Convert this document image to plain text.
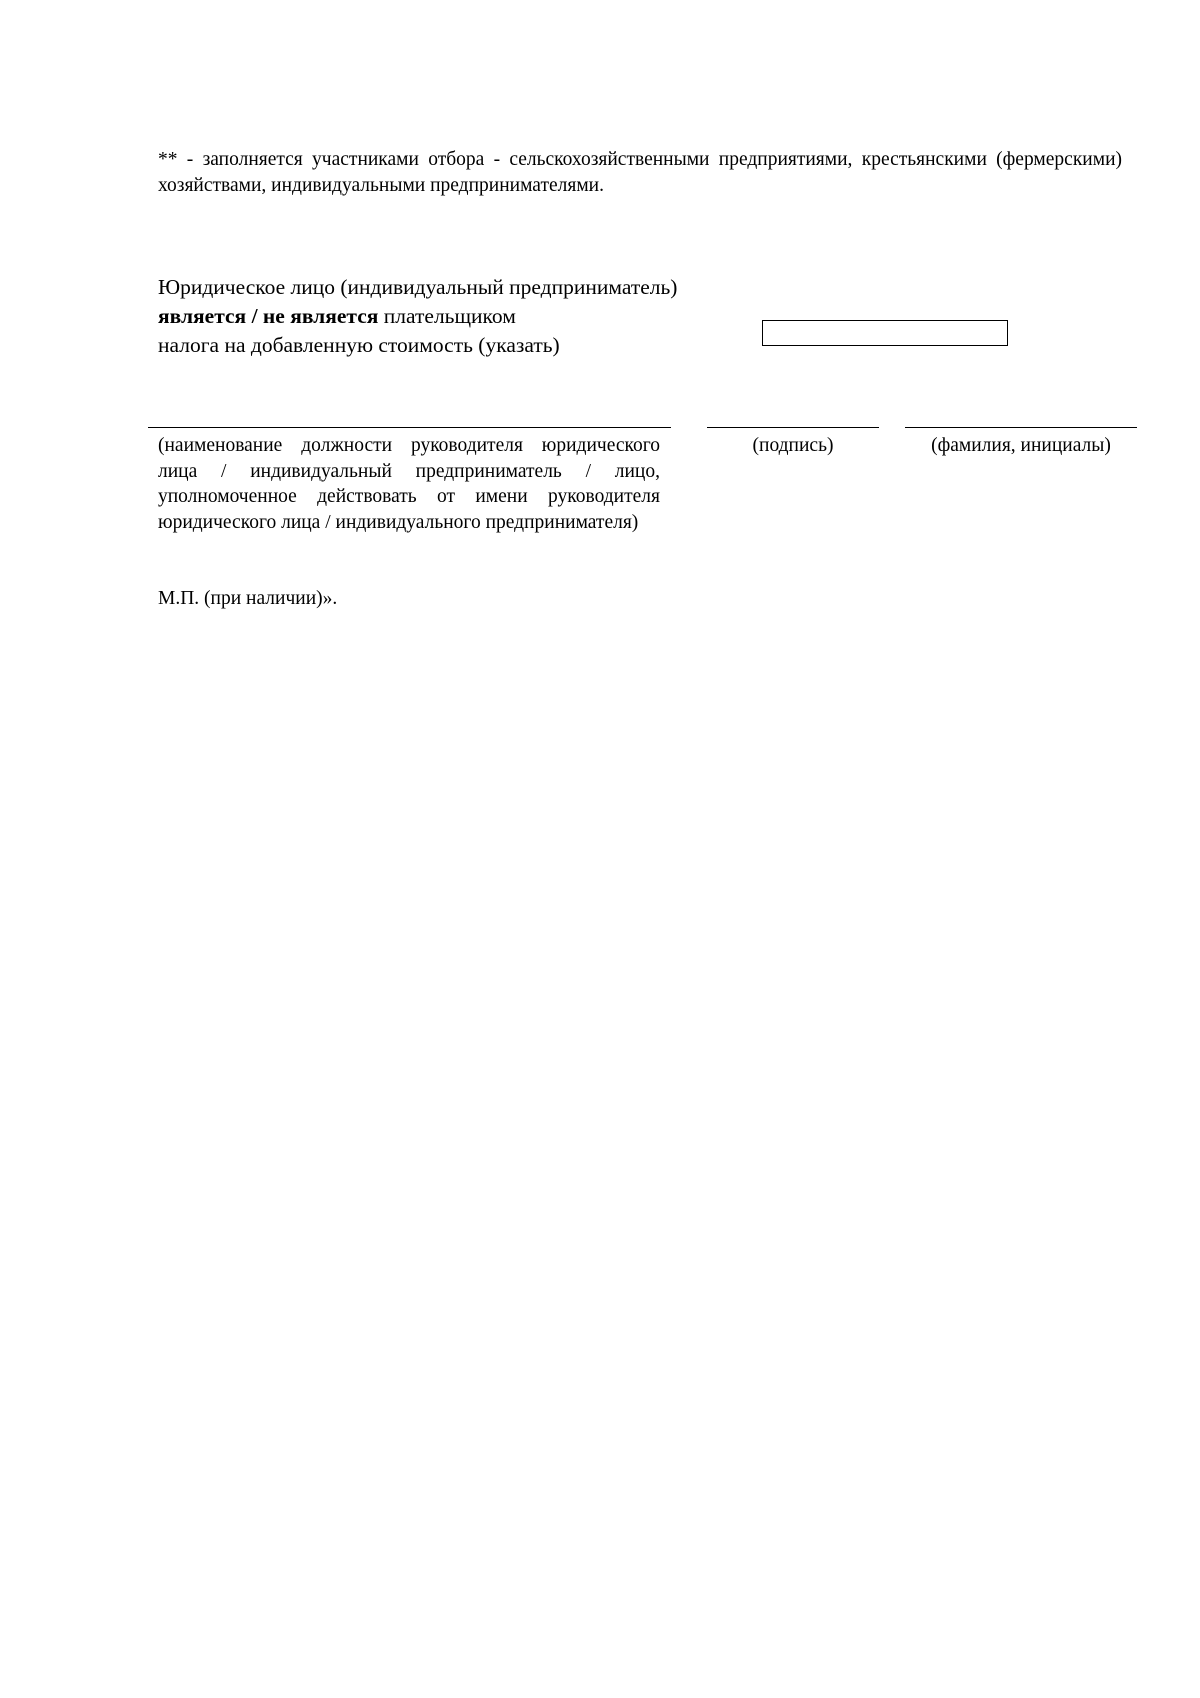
** - заполняется участниками отбора - сельскохозяйственными предприятиями, крестьянскими (фермерскими) хозяйствами, индивидуальными предпринимателями.

Юридическое лицо (индивидуальный предприниматель)
является / не является плательщиком
налога на добавленную стоимость (указать)
(наименование должности руководителя юридического лица / индивидуальный предприниматель / лицо, уполномоченное действовать от имени руководителя юридического лица / индивидуального предпринимателя)
(подпись)	(фамилия, инициалы)
М.П. (при наличии)».
